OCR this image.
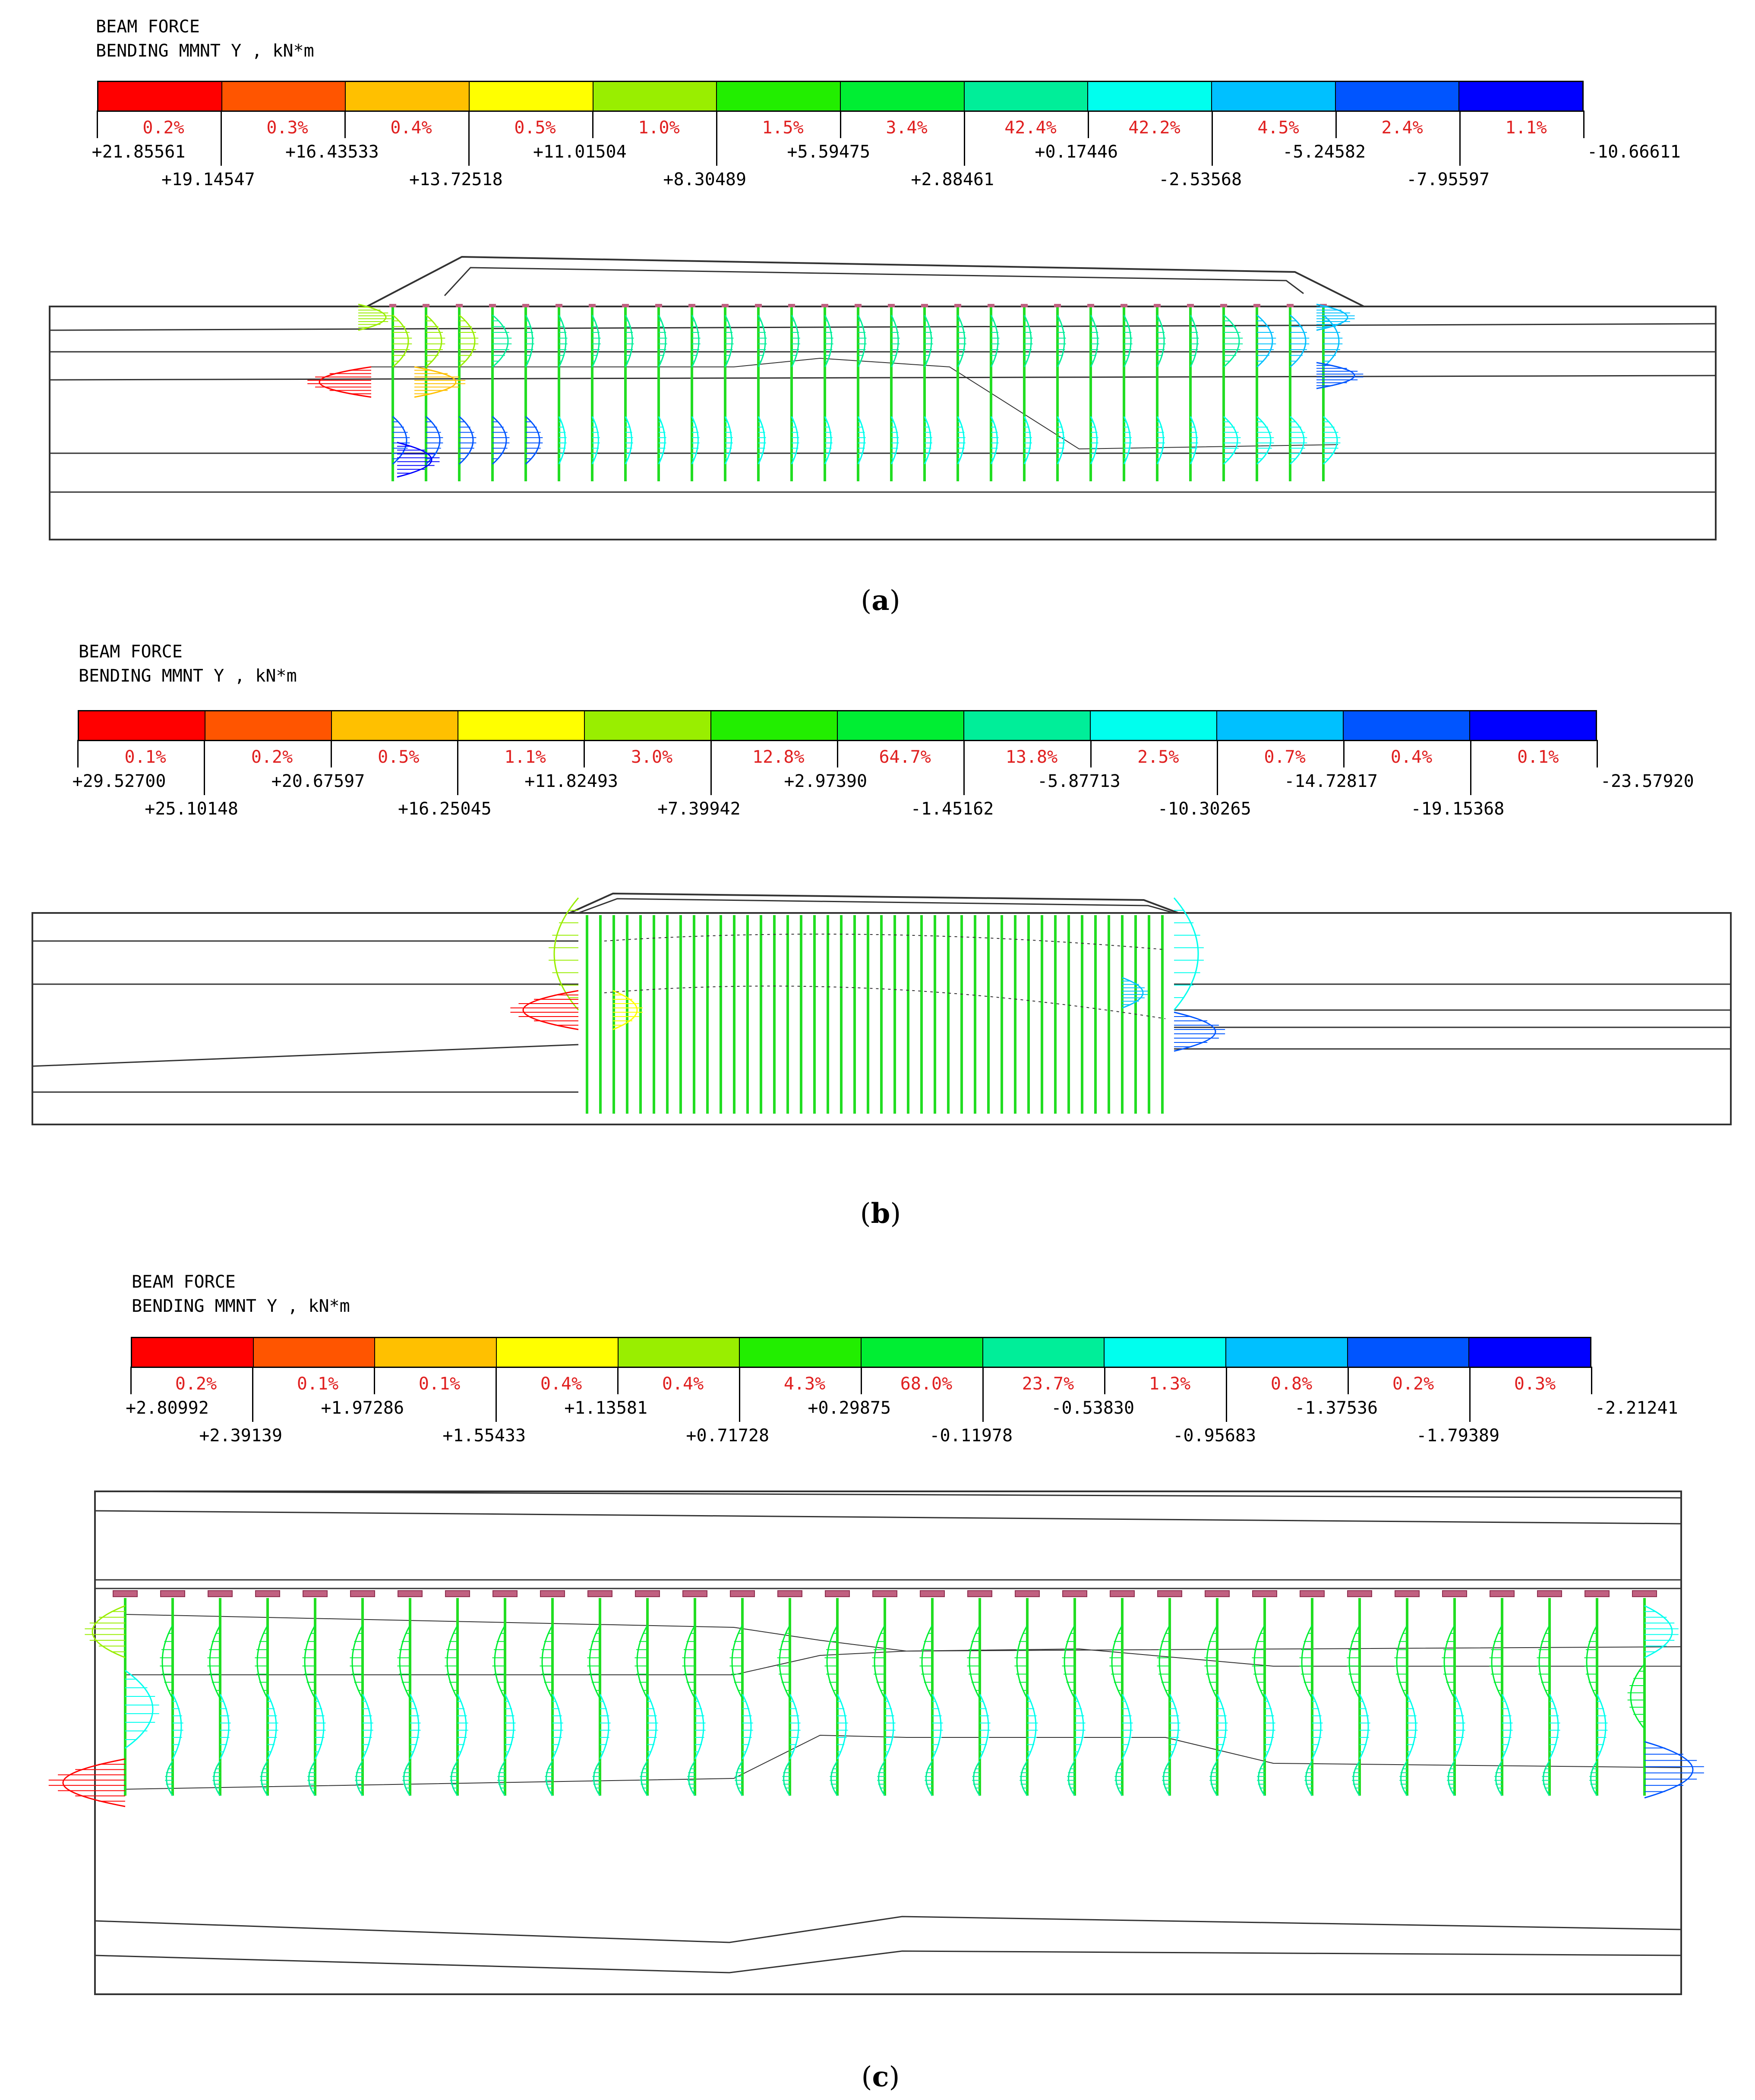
BEAM FORCE
BENDING MMNT Y , kN*m
(a)
+21.85561
+19.14547
+16.43533
+13.72518
+11.01504
+8.30489
+5.59475
+2.88461
+0.17446
-2.53568
-5.24582
-7.95597
-10.66611
0.2%	0.3%	0.4%	0.5%	1.0%	1.5%	3.4%	42.4%	42.2%	4.5%	2.4%	1.1%
BEAM FORCE
BENDING MMNT Y , kN*m
(b)
+29.52700
+25.10148
+20.67597
+16.25045
+11.82493
+7.39942
+2.97390
-1.45162
-5.87713
-10.30265
-14.72817
-19.15368
-23.57920
0.1%	0.2%	0.5%	1.1%	3.0%	12.8%	64.7%	13.8%	2.5%	0.7%	0.4%	0.1%
BEAM FORCE
BENDING MMNT Y , kN*m
(c)
+2.80992
+2.39139
+1.97286
+1.55433
+1.13581
+0.71728
+0.29875
-0.11978
-0.53830
-0.95683
-1.37536
-1.79389
-2.21241
0.2%	0.1%	0.1%	0.4%	0.4%	4.3%	68.0%	23.7%	1.3%	0.8%	0.2%	0.3%
